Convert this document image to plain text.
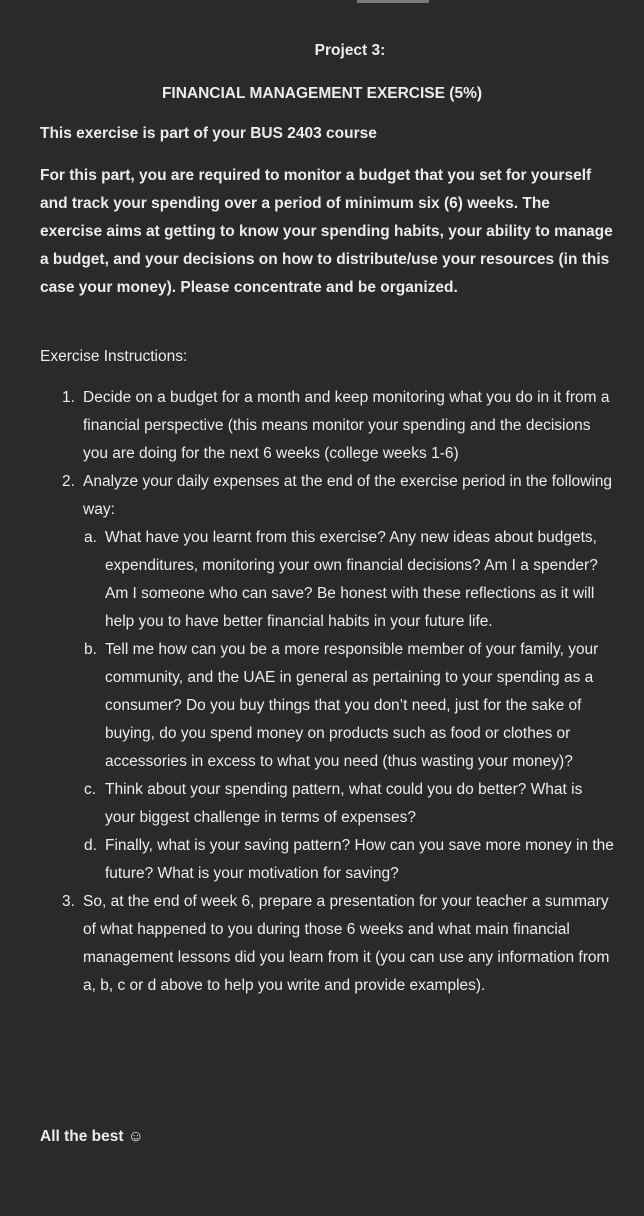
Project 3:
FINANCIAL MANAGEMENT EXERCISE (5%)
This exercise is part of your BUS 2403 course
For this part, you are required to monitor a budget that you set for yourself and track your spending over a period of minimum six (6) weeks. The exercise aims at getting to know your spending habits, your ability to manage a budget, and your decisions on how to distribute/use your resources (in this case your money). Please concentrate and be organized.
Exercise Instructions:
1. Decide on a budget for a month and keep monitoring what you do in it from a financial perspective (this means monitor your spending and the decisions you are doing for the next 6 weeks (college weeks 1-6)
2. Analyze your daily expenses at the end of the exercise period in the following way:
a. What have you learnt from this exercise? Any new ideas about budgets, expenditures, monitoring your own financial decisions? Am I a spender? Am I someone who can save? Be honest with these reflections as it will help you to have better financial habits in your future life.
b. Tell me how can you be a more responsible member of your family, your community, and the UAE in general as pertaining to your spending as a consumer? Do you buy things that you don’t need, just for the sake of buying, do you spend money on products such as food or clothes or accessories in excess to what you need (thus wasting your money)?
c. Think about your spending pattern, what could you do better? What is your biggest challenge in terms of expenses?
d. Finally, what is your saving pattern? How can you save more money in the future? What is your motivation for saving?
3. So, at the end of week 6, prepare a presentation for your teacher a summary of what happened to you during those 6 weeks and what main financial management lessons did you learn from it (you can use any information from a, b, c or d above to help you write and provide examples).
All the best ☺
